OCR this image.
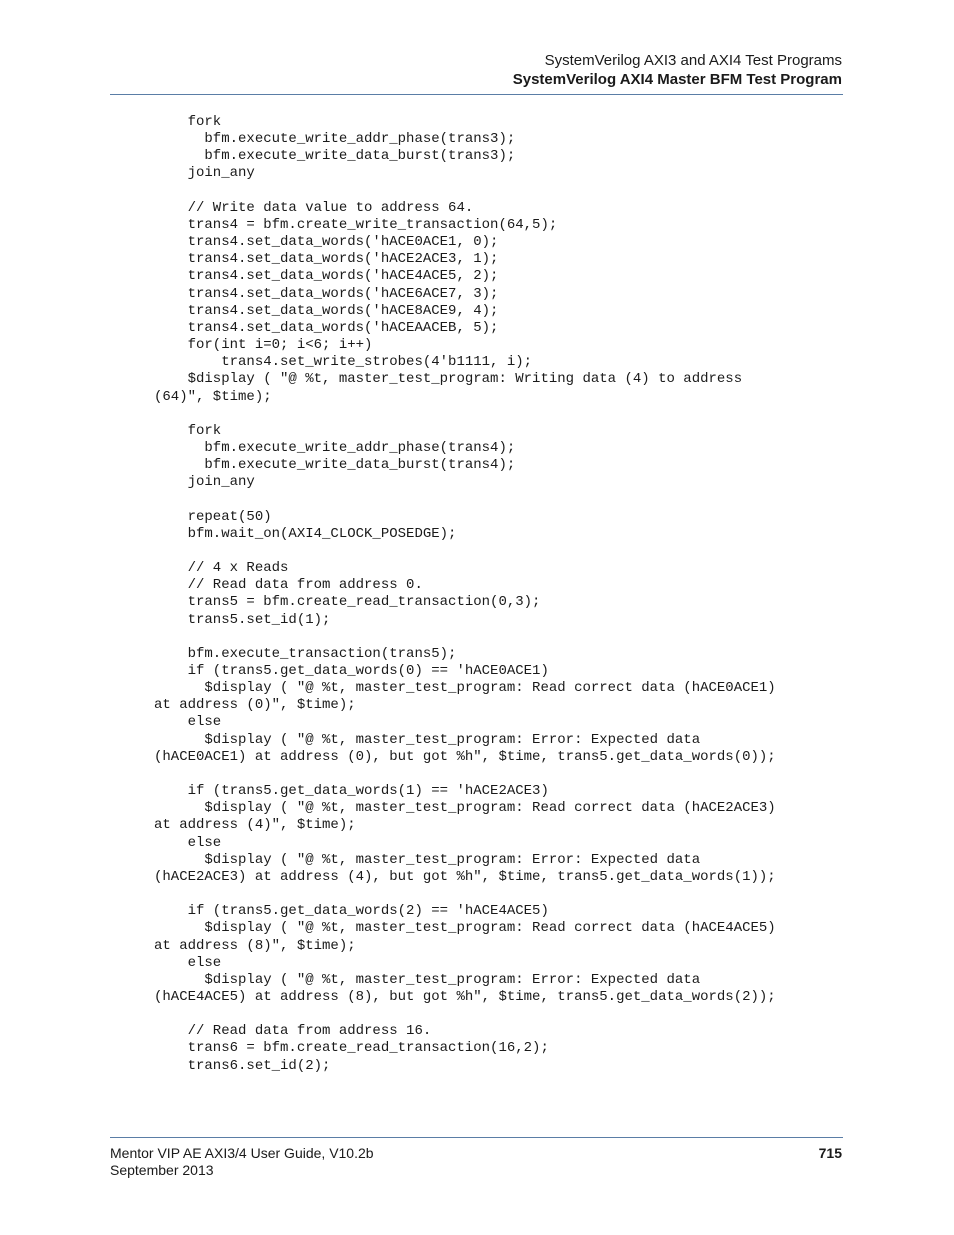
SystemVerilog AXI3 and AXI4 Test Programs
SystemVerilog AXI4 Master BFM Test Program
fork
bfm.execute_write_addr_phase(trans3);
bfm.execute_write_data_burst(trans3);
join_any

// Write data value to address 64.
trans4 = bfm.create_write_transaction(64,5);
trans4.set_data_words('hACE0ACE1, 0);
trans4.set_data_words('hACE2ACE3, 1);
trans4.set_data_words('hACE4ACE5, 2);
trans4.set_data_words('hACE6ACE7, 3);
trans4.set_data_words('hACE8ACE9, 4);
trans4.set_data_words('hACEAACEB, 5);
for(int i=0; i<6; i++)
trans4.set_write_strobes(4'b1111, i);
$display ( "@ %t, master_test_program: Writing data (4) to address
(64)", $time);

fork
bfm.execute_write_addr_phase(trans4);
bfm.execute_write_data_burst(trans4);
join_any

repeat(50)
bfm.wait_on(AXI4_CLOCK_POSEDGE);

// 4 x Reads
// Read data from address 0.
trans5 = bfm.create_read_transaction(0,3);
trans5.set_id(1);

bfm.execute_transaction(trans5);
if (trans5.get_data_words(0) == 'hACE0ACE1)
$display ( "@ %t, master_test_program: Read correct data (hACE0ACE1)
at address (0)", $time);
else
$display ( "@ %t, master_test_program: Error: Expected data
(hACE0ACE1) at address (0), but got %h", $time, trans5.get_data_words(0));

if (trans5.get_data_words(1) == 'hACE2ACE3)
$display ( "@ %t, master_test_program: Read correct data (hACE2ACE3)
at address (4)", $time);
else
$display ( "@ %t, master_test_program: Error: Expected data
(hACE2ACE3) at address (4), but got %h", $time, trans5.get_data_words(1));

if (trans5.get_data_words(2) == 'hACE4ACE5)
$display ( "@ %t, master_test_program: Read correct data (hACE4ACE5)
at address (8)", $time);
else
$display ( "@ %t, master_test_program: Error: Expected data
(hACE4ACE5) at address (8), but got %h", $time, trans5.get_data_words(2));

// Read data from address 16.
trans6 = bfm.create_read_transaction(16,2);
trans6.set_id(2);
Mentor VIP AE AXI3/4 User Guide, V10.2b
September 2013
715
